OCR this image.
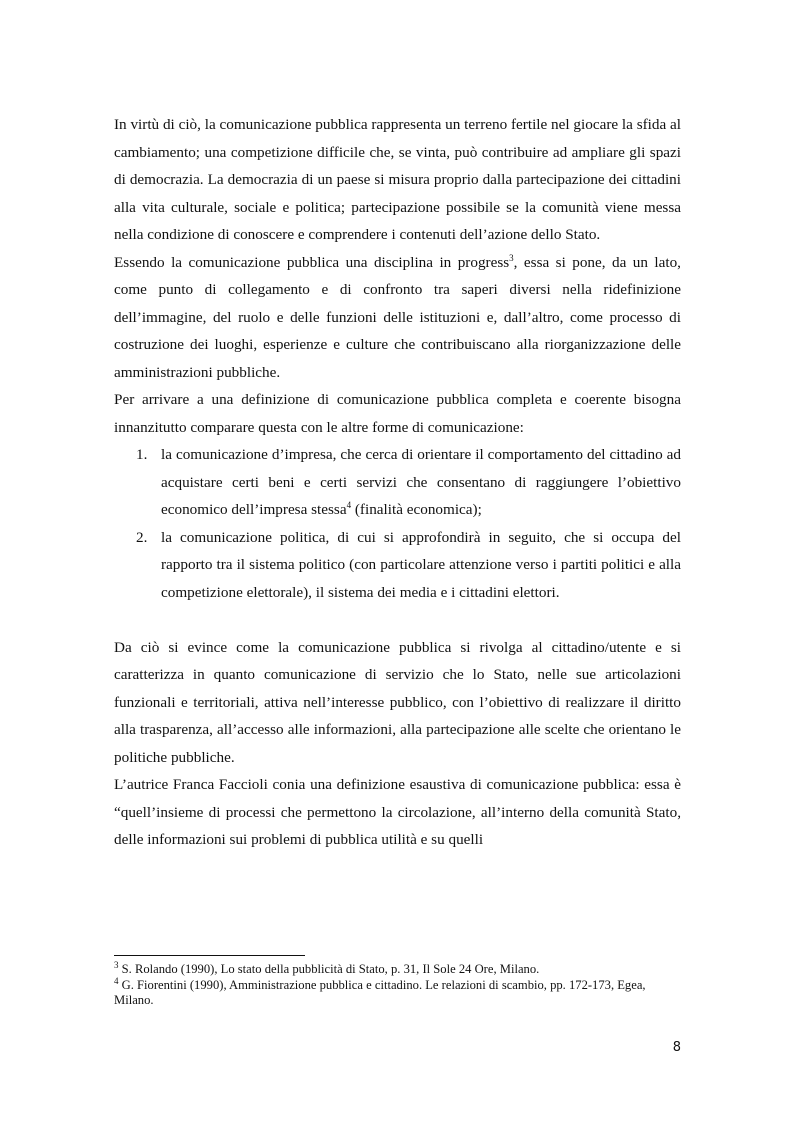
In virtù di ciò, la comunicazione pubblica rappresenta un terreno fertile nel giocare la sfida al cambiamento; una competizione difficile che, se vinta, può contribuire ad ampliare gli spazi di democrazia. La democrazia di un paese si misura proprio dalla partecipazione dei cittadini alla vita culturale, sociale e politica; partecipazione possibile se la comunità viene messa nella condizione di conoscere e comprendere i contenuti dell’azione dello Stato.

Essendo la comunicazione pubblica una disciplina in progress$^3$, essa si pone, da un lato, come punto di collegamento e di confronto tra saperi diversi nella ridefinizione dell’immagine, del ruolo e delle funzioni delle istituzioni e, dall’altro, come processo di costruzione dei luoghi, esperienze e culture che contribuiscano alla riorganizzazione delle amministrazioni pubbliche.

Per arrivare a una definizione di comunicazione pubblica completa e coerente bisogna innanzitutto comparare questa con le altre forme di comunicazione:

1. la comunicazione d’impresa, che cerca di orientare il comportamento del cittadino ad acquistare certi beni e certi servizi che consentano di raggiungere l’obiettivo economico dell’impresa stessa$^4$ (finalità economica);
2. la comunicazione politica, di cui si approfondirà in seguito, che si occupa del rapporto tra il sistema politico (con particolare attenzione verso i partiti politici e alla competizione elettorale), il sistema dei media e i cittadini elettori.

Da ciò si evince come la comunicazione pubblica si rivolga al cittadino/utente e si caratterizza in quanto comunicazione di servizio che lo Stato, nelle sue articolazioni funzionali e territoriali, attiva nell’interesse pubblico, con l’obiettivo di realizzare il diritto alla trasparenza, all’accesso alle informazioni, alla partecipazione alle scelte che orientano le politiche pubbliche.

L’autrice Franca Faccioli conia una definizione esaustiva di comunicazione pubblica: essa è “quell’insieme di processi che permettono la circolazione, all’interno della comunità Stato, delle informazioni sui problemi di pubblica utilità e su quelli

$^3$ S. Rolando (1990), Lo stato della pubblicità di Stato, p. 31, Il Sole 24 Ore, Milano.

$^4$ G. Fiorentini (1990), Amministrazione pubblica e cittadino. Le relazioni di scambio, pp. 172-173, Egea, Milano.

8
